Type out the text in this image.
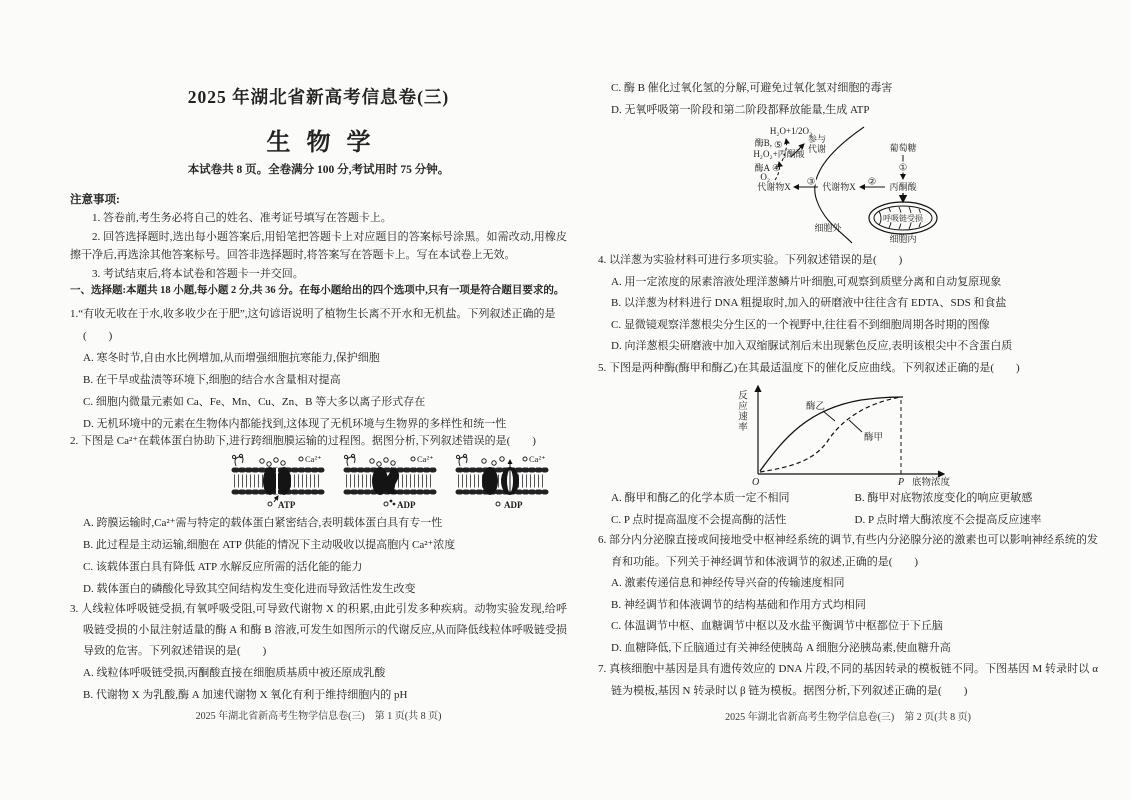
2025 年湖北省新高考信息卷(三)
生物学
本试卷共 8 页。全卷满分 100 分,考试用时 75 分钟。
注意事项:
1. 答卷前,考生务必将自己的姓名、准考证号填写在答题卡上。
2. 回答选择题时,选出每小题答案后,用铅笔把答题卡上对应题目的答案标号涂黑。如需改动,用橡皮擦干净后,再选涂其他答案标号。回答非选择题时,将答案写在答题卡上。写在本试卷上无效。
3. 考试结束后,将本试卷和答题卡一并交回。
一、选择题:本题共 18 小题,每小题 2 分,共 36 分。在每小题给出的四个选项中,只有一项是符合题目要求的。
1.“有收无收在于水,收多收少在于肥”,这句谚语说明了植物生长离不开水和无机盐。下列叙述正确的是
(　　)
A. 寒冬时节,自由水比例增加,从而增强细胞抗寒能力,保护细胞
B. 在干旱或盐渍等环境下,细胞的结合水含量相对提高
C. 细胞内微量元素如 Ca、Fe、Mn、Cu、Zn、B 等大多以离子形式存在
D. 无机环境中的元素在生物体内都能找到,这体现了无机环境与生物界的多样性和统一性
2. 下图是 Ca²⁺在载体蛋白协助下,进行跨细胞膜运输的过程图。据图分析,下列叙述错误的是(　　)
Ca²⁺
ATP
Ca²⁺
ADP
Ca²⁺
ADP
A. 跨膜运输时,Ca²⁺需与特定的载体蛋白紧密结合,表明载体蛋白具有专一性
B. 此过程是主动运输,细胞在 ATP 供能的情况下主动吸收以提高胞内 Ca²⁺浓度
C. 该载体蛋白具有降低 ATP 水解反应所需的活化能的能力
D. 载体蛋白的磷酸化导致其空间结构发生变化进而导致活性发生改变
3. 人线粒体呼吸链受损,有氧呼吸受阻,可导致代谢物 X 的积累,由此引发多种疾病。动物实验发现,给呼吸链受损的小鼠注射适量的酶 A 和酶 B 溶液,可发生如图所示的代谢反应,从而降低线粒体呼吸链受损导致的危害。下列叙述错误的是(　　)
A. 线粒体呼吸链受损,丙酮酸直接在细胞质基质中被还原成乳酸
B. 代谢物 X 为乳酸,酶 A 加速代谢物 X 氧化有利于维持细胞内的 pH
2025 年湖北省新高考生物学信息卷(三)　第 1 页(共 8 页)
C. 酶 B 催化过氧化氢的分解,可避免过氧化氢对细胞的毒害
D. 无氧呼吸第一阶段和第二阶段都释放能量,生成 ATP
H₂O+1/2O₂
酶B, ⑤
参与
代谢
H₂O₂+丙酮酸
酶A ④
O₂
代谢物X ③ 代谢物X ② 丙酮酸
葡萄糖
①
呼吸链受损
细胞外
细胞内
4. 以洋葱为实验材料可进行多项实验。下列叙述错误的是(　　)
A. 用一定浓度的尿素溶液处理洋葱鳞片叶细胞,可观察到质壁分离和自动复原现象
B. 以洋葱为材料进行 DNA 粗提取时,加入的研磨液中往往含有 EDTA、SDS 和食盐
C. 显微镜观察洋葱根尖分生区的一个视野中,往往看不到细胞周期各时期的图像
D. 向洋葱根尖研磨液中加入双缩脲试剂后未出现紫色反应,表明该根尖中不含蛋白质
5. 下图是两种酶(酶甲和酶乙)在其最适温度下的催化反应曲线。下列叙述正确的是(　　)
反应速率	酶乙
酶甲
O	P 底物浓度
A. 酶甲和酶乙的化学本质一定不相同	B. 酶甲对底物浓度变化的响应更敏感
C. P 点时提高温度不会提高酶的活性	D. P 点时增大酶浓度不会提高反应速率
6. 部分内分泌腺直接或间接地受中枢神经系统的调节,有些内分泌腺分泌的激素也可以影响神经系统的发育和功能。下列关于神经调节和体液调节的叙述,正确的是(　　)
A. 激素传递信息和神经传导兴奋的传输速度相同
B. 神经调节和体液调节的结构基础和作用方式均相同
C. 体温调节中枢、血糖调节中枢以及水盐平衡调节中枢都位于下丘脑
D. 血糖降低,下丘脑通过有关神经使胰岛 A 细胞分泌胰岛素,使血糖升高
7. 真核细胞中基因是具有遗传效应的 DNA 片段,不同的基因转录的模板链不同。下图基因 M 转录时以 α 链为模板,基因 N 转录时以 β 链为模板。据图分析,下列叙述正确的是(　　)
2025 年湖北省新高考生物学信息卷(三)　第 2 页(共 8 页)
